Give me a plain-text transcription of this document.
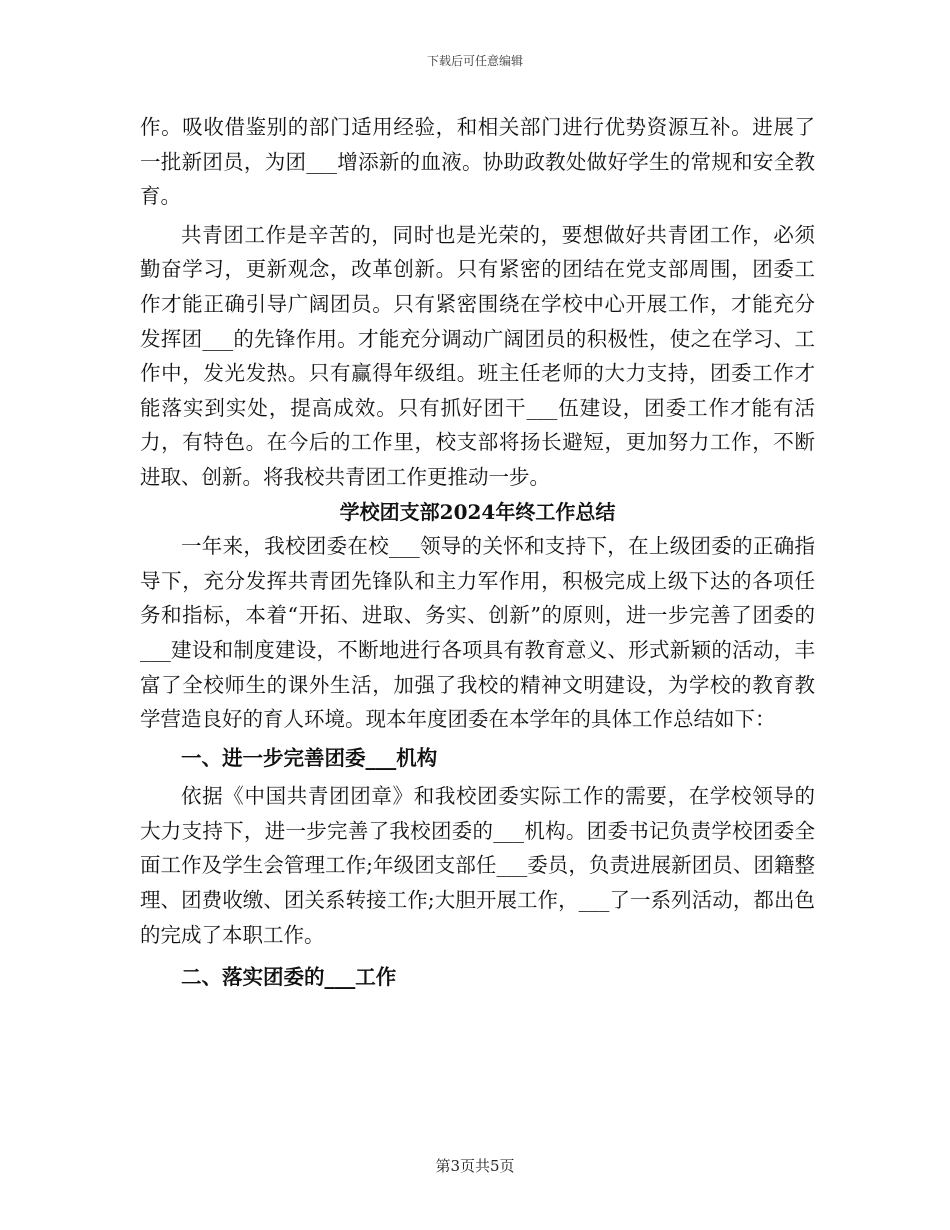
下载后可任意编辑

作。吸收借鉴别的部门适用经验，和相关部门进行优势资源互补。进展了一批新团员，为团___增添新的血液。协助政教处做好学生的常规和安全教育。

共青团工作是辛苦的，同时也是光荣的，要想做好共青团工作，必须勤奋学习，更新观念，改革创新。只有紧密的团结在党支部周围，团委工作才能正确引导广阔团员。只有紧密围绕在学校中心开展工作，才能充分发挥团___的先锋作用。才能充分调动广阔团员的积极性，使之在学习、工作中，发光发热。只有赢得年级组。班主任老师的大力支持，团委工作才能落实到实处，提高成效。只有抓好团干___伍建设，团委工作才能有活力，有特色。在今后的工作里，校支部将扬长避短，更加努力工作，不断进取、创新。将我校共青团工作更推动一步。

学校团支部2024年终工作总结

一年来，我校团委在校___领导的关怀和支持下，在上级团委的正确指导下，充分发挥共青团先锋队和主力军作用，积极完成上级下达的各项任务和指标，本着“开拓、进取、务实、创新”的原则，进一步完善了团委的___建设和制度建设，不断地进行各项具有教育意义、形式新颖的活动，丰富了全校师生的课外生活，加强了我校的精神文明建设，为学校的教育教学营造良好的育人环境。现本年度团委在本学年的具体工作总结如下：

一、进一步完善团委___机构

依据《中国共青团团章》和我校团委实际工作的需要，在学校领导的大力支持下，进一步完善了我校团委的___机构。团委书记负责学校团委全面工作及学生会管理工作;年级团支部任___委员，负责进展新团员、团籍整理、团费收缴、团关系转接工作;大胆开展工作，___了一系列活动，都出色的完成了本职工作。

二、落实团委的___工作

第3页共5页
